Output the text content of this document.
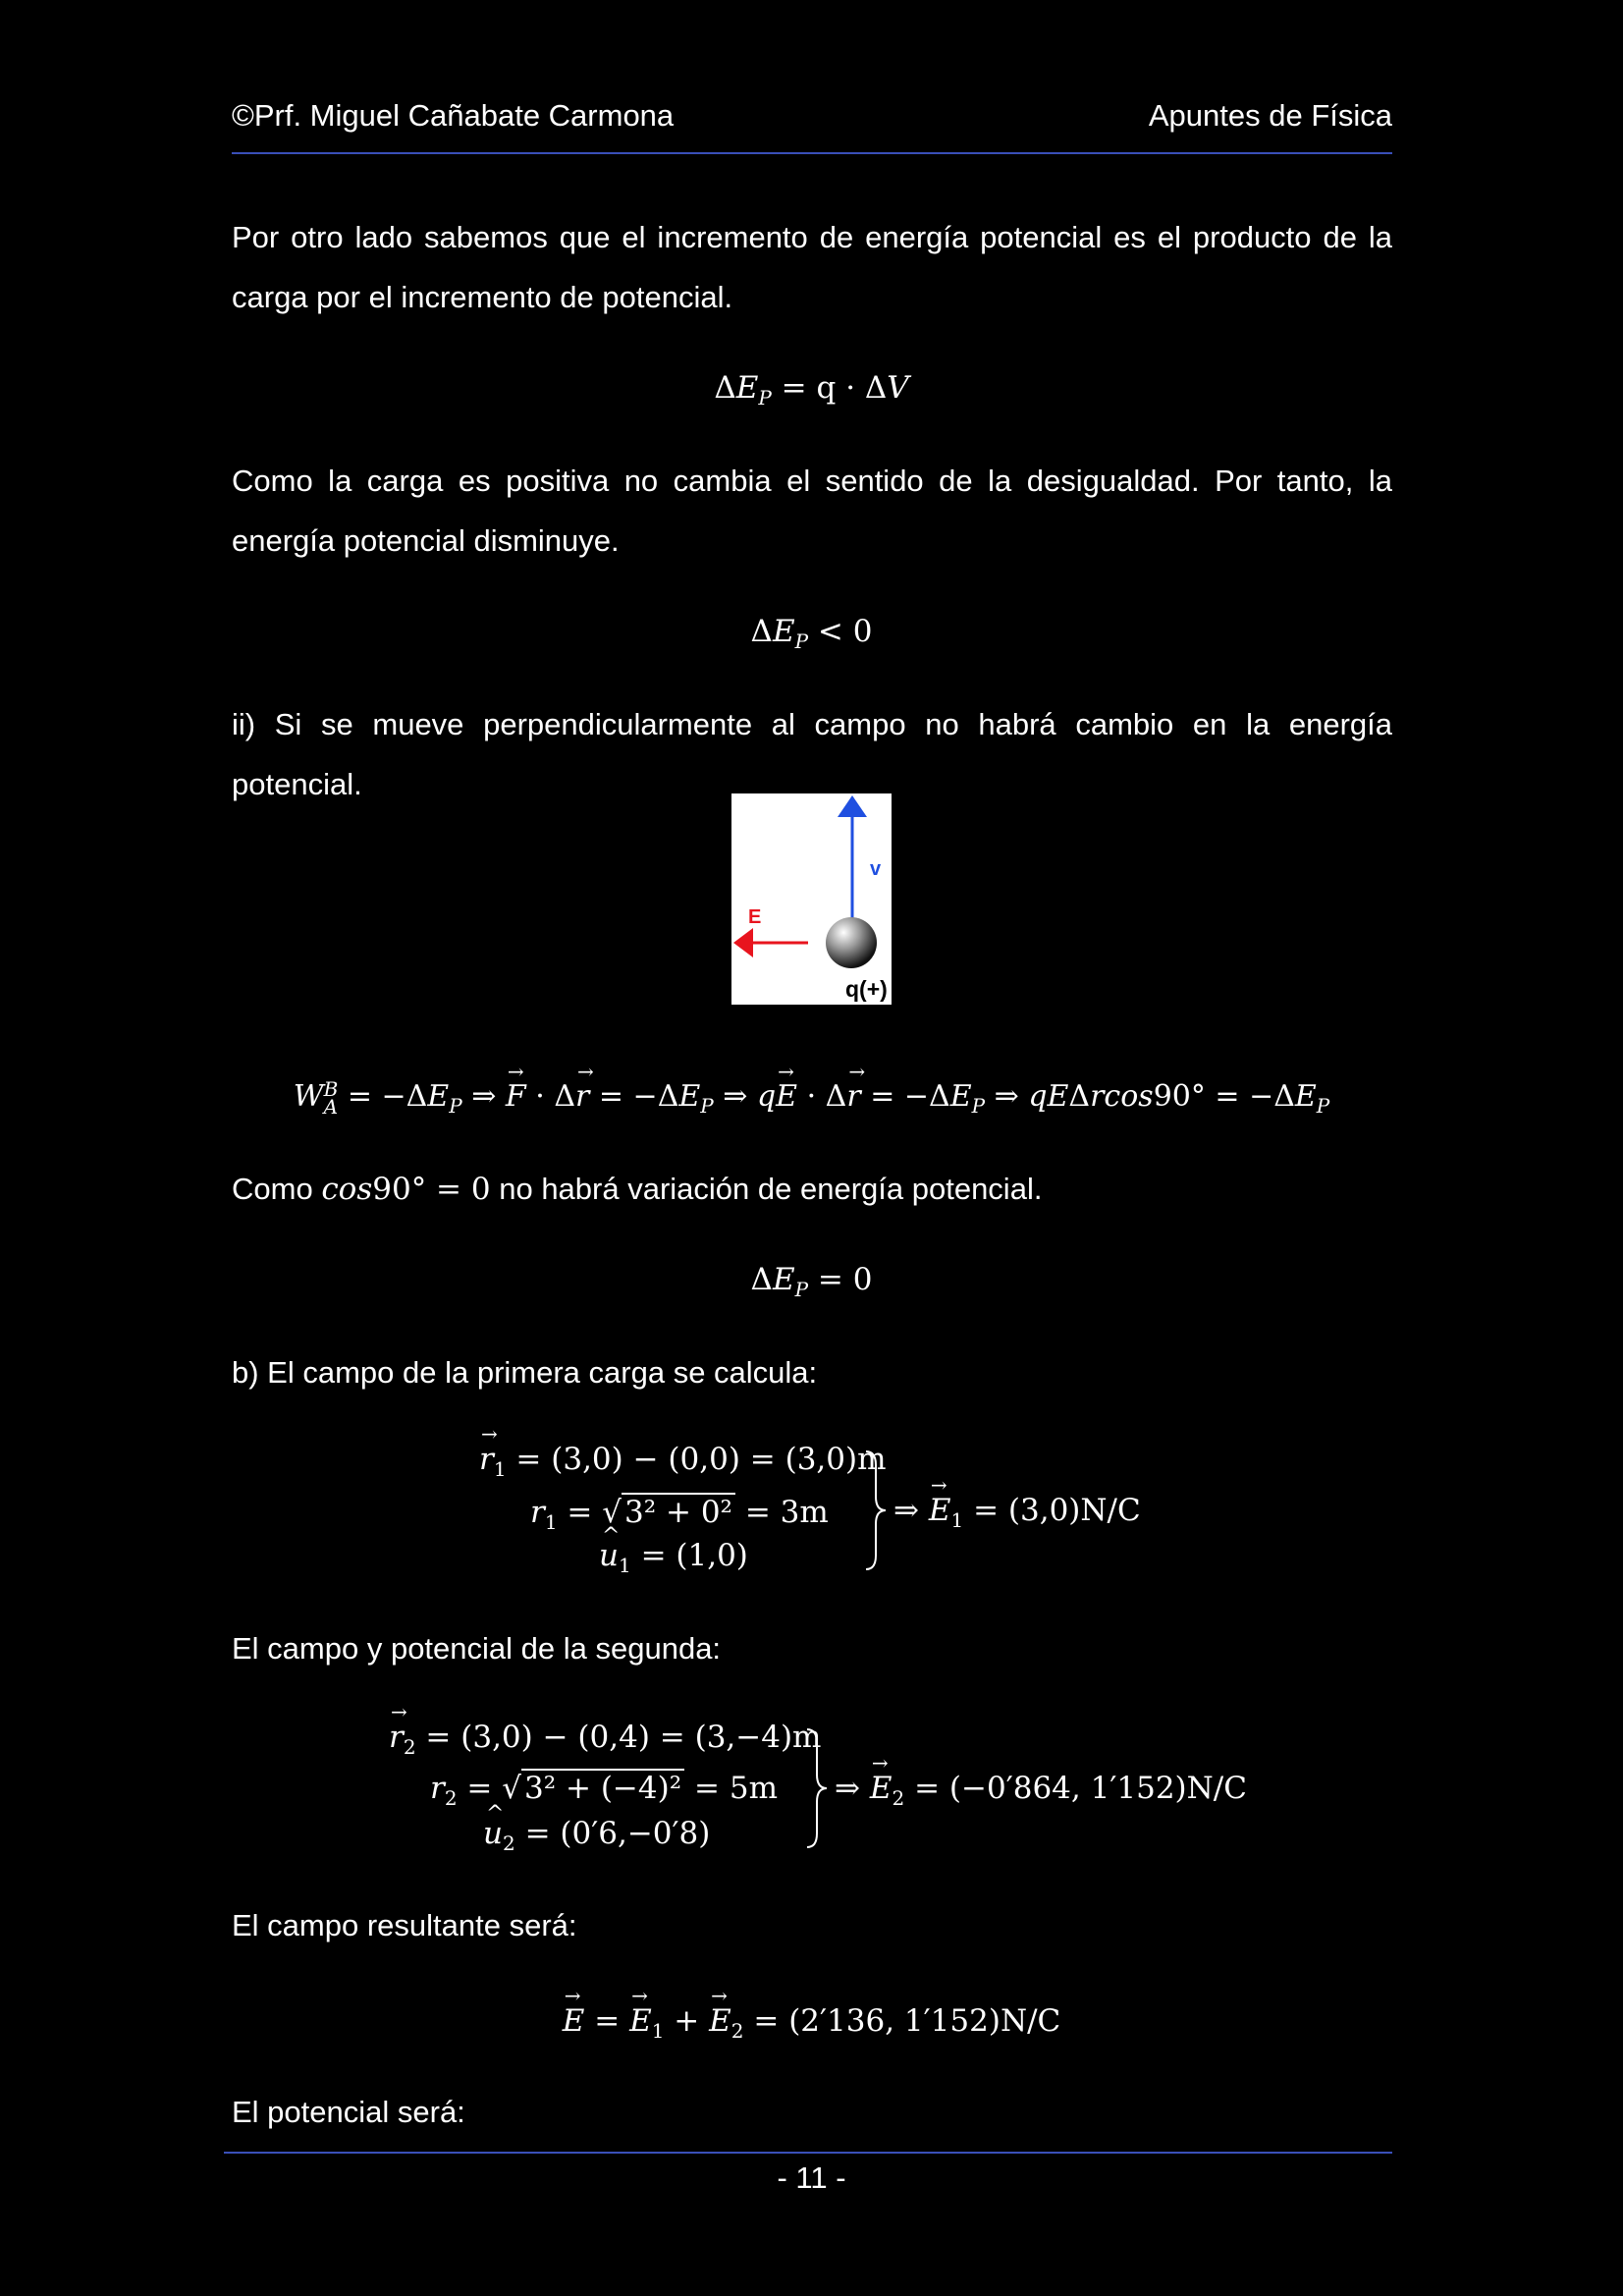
©Prf. Miguel Cañabate Carmona	Apuntes de Física
Por otro lado sabemos que el incremento de energía potencial es el producto de la carga por el incremento de potencial.
$\Delta E_P = q \cdot \Delta V$
Como la carga es positiva no cambia el sentido de la desigualdad. Por tanto, la energía potencial disminuye.
$\Delta E_P < 0$
ii) Si se mueve perpendicularmente al campo no habrá cambio en la energía potencial.
v
E
q(+)
WB
$A = -\Delta E_P$ ⇒ → $F \cdot \Delta\to r = -\Delta E_P$ ⇒ $q\to E \cdot \Delta\to r = -\Delta E_P$ ⇒ $qE\Delta rcos90^\circ = -\Delta E_P$
Como cos90° = 0 no habrá variación de energía potencial.
$\Delta E_P = 0$
b) El campo de la primera carga se calcula:
→ $r_1 = (3,0) - (0,0) = (3,0)m$
$r_1 = √3^2 + 0^2 = 3m$
^ $u_1 = (1,0)$
⇒ → $E_1 = (3,0)N/C$
El campo y potencial de la segunda:
→ $r_2 = (3,0) - (0,4) = (3,-4)m$
$r_2 = √3^2 + (-4)^2 = 5m$
^ $u_2 = (0'6,-0'8)$
⇒ → $E_2 = (-0'864$, 1′152)N/C
El campo resultante será:
→ E = → $E_1$ + → $E_2 = (2'136$, 1′152)N/C
El potencial será:
- 11 -
